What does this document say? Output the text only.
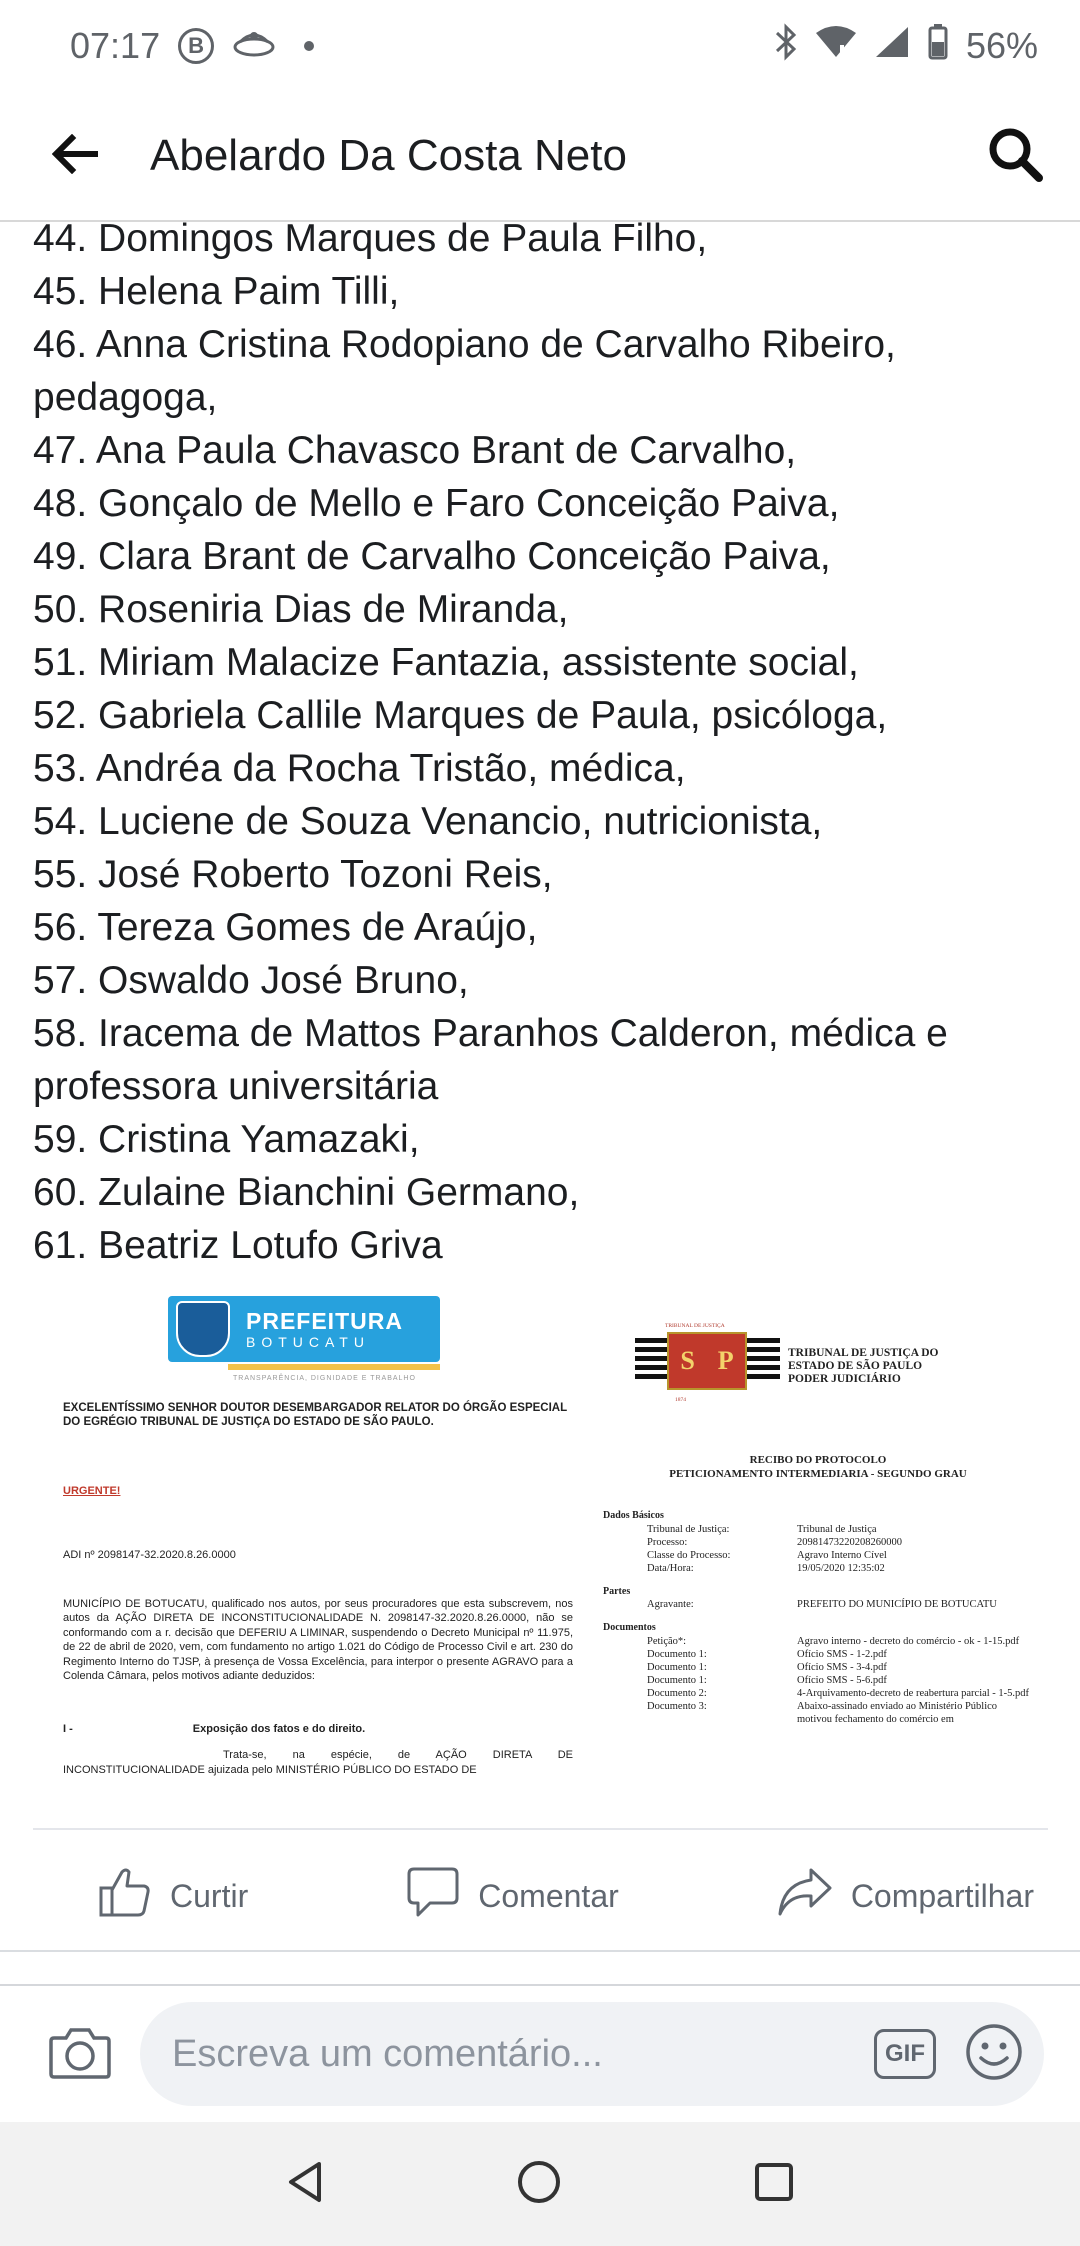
07:17	B	56%
Abelardo Da Costa Neto
44. Domingos Marques de Paula Filho,
45. Helena Paim Tilli,
46. Anna Cristina Rodopiano de Carvalho Ribeiro,
pedagoga,
47. Ana Paula Chavasco Brant de Carvalho,
48. Gonçalo de Mello e Faro Conceição Paiva,
49. Clara Brant de Carvalho Conceição Paiva,
50. Roseniria Dias de Miranda,
51. Miriam Malacize Fantazia, assistente social,
52. Gabriela Callile Marques de Paula, psicóloga,
53. Andréa da Rocha Tristão, médica,
54. Luciene de Souza Venancio, nutricionista,
55. José Roberto Tozoni Reis,
56. Tereza Gomes de Araújo,
57. Oswaldo José Bruno,
58. Iracema de Mattos Paranhos Calderon, médica e
professora universitária
59. Cristina Yamazaki,
60. Zulaine Bianchini Germano,
61. Beatriz Lotufo Griva
PREFEITURA
BOTUCATU
TRANSPARÊNCIA, DIGNIDADE E TRABALHO
EXCELENTÍSSIMO SENHOR DOUTOR DESEMBARGADOR RELATOR DO ÓRGÃO ESPECIAL DO EGRÉGIO TRIBUNAL DE JUSTIÇA DO ESTADO DE SÃO PAULO.
URGENTE!
ADI nº 2098147-32.2020.8.26.0000
MUNICÍPIO DE BOTUCATU, qualificado nos autos, por seus procuradores que esta subscrevem, nos autos da AÇÃO DIRETA DE INCONSTITUCIONALIDADE N. 2098147-32.2020.8.26.0000, não se conformando com a r. decisão que DEFERIU A LIMINAR, suspendendo o Decreto Municipal nº 11.975, de 22 de abril de 2020, vem, com fundamento no artigo 1.021 do Código de Processo Civil e art. 230 do Regimento Interno do TJSP, à presença de Vossa Excelência, para interpor o presente AGRAVO para a Colenda Câmara, pelos motivos adiante deduzidos:
I -	Exposição dos fatos e do direito.
Trata-se, na espécie, de AÇÃO DIRETA DE INCONSTITUCIONALIDADE ajuizada pelo MINISTÉRIO PÚBLICO DO ESTADO DE
TRIBUNAL DE JUSTIÇA
S P
1874
TRIBUNAL DE JUSTIÇA DO
ESTADO DE SÃO PAULO
PODER JUDICIÁRIO
RECIBO DO PROTOCOLO
PETICIONAMENTO INTERMEDIARIA - SEGUNDO GRAU
Dados Básicos
Tribunal de Justiça:	Tribunal de Justiça
Processo:	20981473220208260000
Classe do Processo:	Agravo Interno Cível
Data/Hora:	19/05/2020 12:35:02
Partes
Agravante:	PREFEITO DO MUNICÍPIO DE BOTUCATU
Documentos
Petição*:	Agravo interno - decreto do comércio - ok - 1-15.pdf
Documento 1:	Ofício SMS - 1-2.pdf
Documento 1:	Ofício SMS - 3-4.pdf
Documento 1:	Ofício SMS - 5-6.pdf
Documento 2:	4-Arquivamento-decreto de reabertura parcial - 1-5.pdf
Documento 3:	Abaixo-assinado enviado ao Ministério Público motivou fechamento do comércio em
Curtir	Comentar	Compartilhar
Escreva um comentário...	GIF
